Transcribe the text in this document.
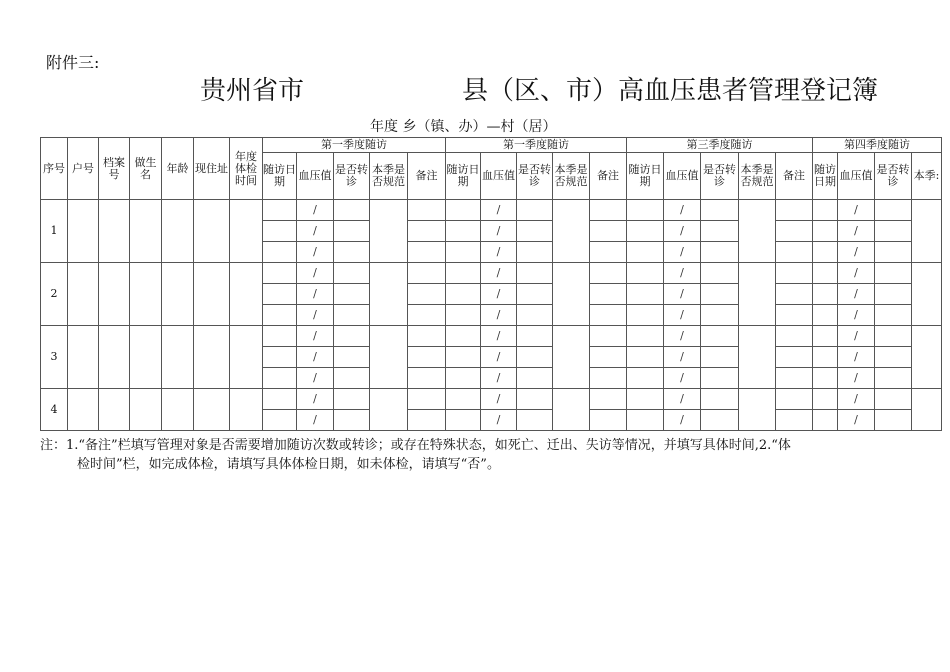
附件三:
贵州省市	县（区、市）高血压患者管理登记簿
年度 乡（镇、办）—村（居）
序号	户号	档案号	做生名	年龄	现住址	年度体检时间	第一季度随访					第一季度随访					第三季度随访					第四季度随访			
							随访日期	血压值	是否转诊	本季是否规范	备注	随访日期	血压值	是否转诊	本季是否规范	备注	随访日期	血压值	是否转诊	本季是否规范	备注	随访日期	血压值	是否转诊	本季:
1								/					/					/					/		
								/					/					/					/		
								/					/					/					/		
2								/					/					/					/		
								/					/					/					/		
								/					/					/					/		
3								/					/					/					/		
								/					/					/					/		
								/					/					/					/		
4								/					/					/					/		
								/					/					/					/		
注：1.“备注”栏填写管理对象是否需要增加随访次数或转诊；或存在特殊状态，如死亡、迁出、失访等情况，并填写具体时间,2.“体
检时间”栏，如完成体检，请填写具体体检日期，如未体检，请填写“否”。
